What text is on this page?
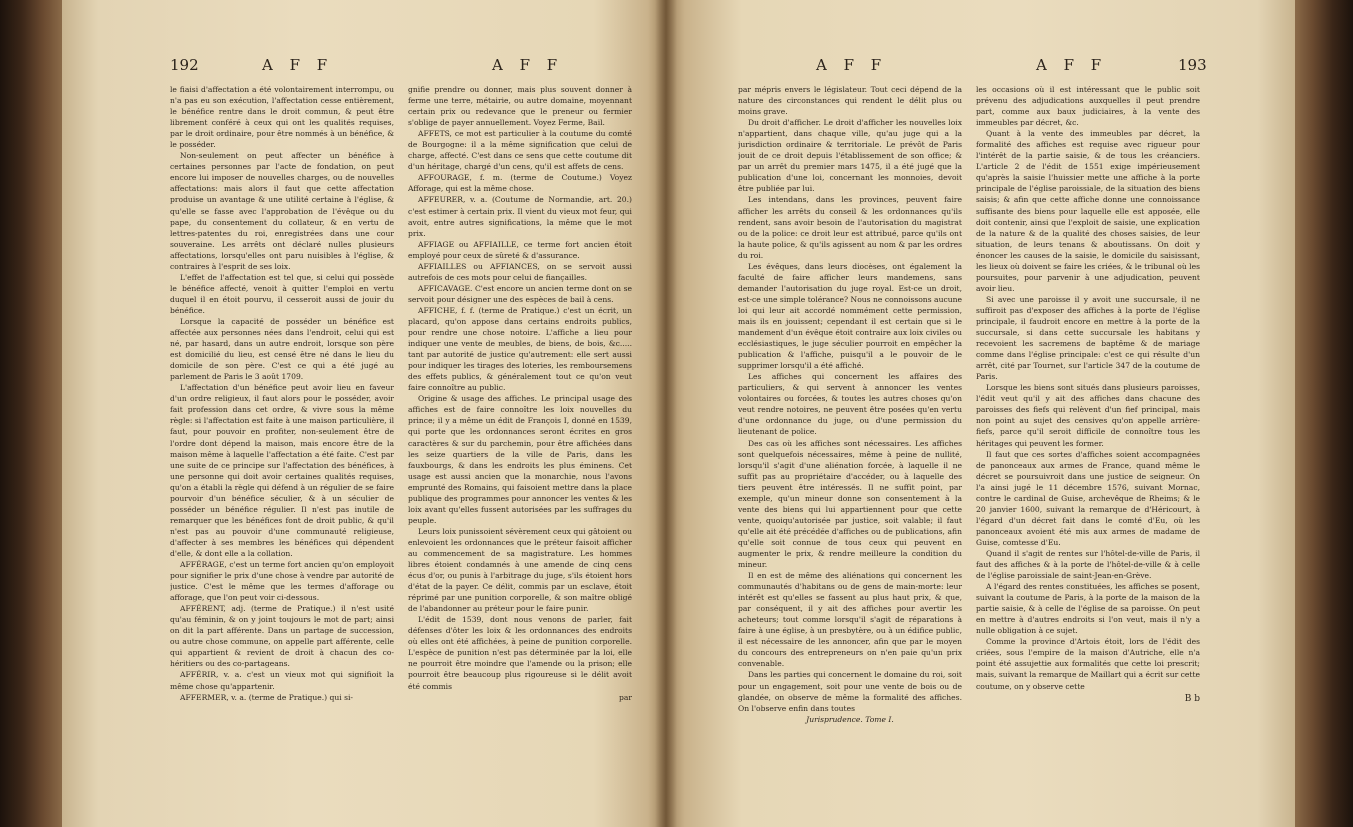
192	A F F	A F F

le fiaisi d'affectation a été volontairement interrompu, ou n'a pas eu son exécution, l'affectation cesse entièrement, le bénéfice rentre dans le droit commun, & peut être librement conféré à ceux qui ont les qualités requises, par le droit ordinaire, pour être nommés à un bénéfice, & le posséder.

Non-seulement on peut affecter un bénéfice à certaines personnes par l'acte de fondation, on peut encore lui imposer de nouvelles charges, ou de nouvelles affectations: mais alors il faut que cette affectation produise un avantage & une utilité certaine à l'église, & qu'elle se fasse avec l'approbation de l'évêque ou du pape, du consentement du collateur, & en vertu de lettres-patentes du roi, enregistrées dans une cour souveraine. Les arrêts ont déclaré nulles plusieurs affectations, lorsqu'elles ont paru nuisibles à l'église, & contraires à l'esprit de ses loix.

L'effet de l'affectation est tel que, si celui qui possède le bénéfice affecté, venoit à quitter l'emploi en vertu duquel il en étoit pourvu, il cesseroit aussi de jouir du bénéfice.

Lorsque la capacité de posséder un bénéfice est affectée aux personnes nées dans l'endroit, celui qui est né, par hasard, dans un autre endroit, lorsque son père est domicilié du lieu, est censé être né dans le lieu du domicile de son père. C'est ce qui a été jugé au parlement de Paris le 3 août 1709.

L'affectation d'un bénéfice peut avoir lieu en faveur d'un ordre religieux, il faut alors pour le posséder, avoir fait profession dans cet ordre, & vivre sous la même règle: si l'affectation est faite à une maison particulière, il faut, pour pouvoir en profiter, non-seulement être de l'ordre dont dépend la maison, mais encore être de la maison même à laquelle l'affectation a été faite. C'est par une suite de ce principe sur l'affectation des bénéfices, à une personne qui doit avoir certaines qualités requises, qu'on a établi la règle qui défend à un régulier de se faire pourvoir d'un bénéfice séculier, & à un séculier de posséder un bénéfice régulier. Il n'est pas inutile de remarquer que les bénéfices font de droit public, & qu'il n'est pas au pouvoir d'une communauté religieuse, d'affecter à ses membres les bénéfices qui dépendent d'elle, & dont elle a la collation.

AFFÉRAGE, c'est un terme fort ancien qu'on employoit pour signifier le prix d'une chose à vendre par autorité de justice. C'est le même que les termes d'afforage ou afforage, que l'on peut voir ci-dessous.

AFFÉRENT, adj. (terme de Pratique.) il n'est usité qu'au féminin, & on y joint toujours le mot de part; ainsi on dit la part afférente. Dans un partage de succession, ou autre chose commune, on appelle part afférente, celle qui appartient & revient de droit à chacun des co-héritiers ou des co-partageans.

AFFÉRIR, v. a. c'est un vieux mot qui signifioit la même chose qu'appartenir.

AFFERMER, v. a. (terme de Pratique.) qui si-

gnifie prendre ou donner, mais plus souvent donner à ferme une terre, métairie, ou autre domaine, moyennant certain prix ou redevance que le preneur ou fermier s'oblige de payer annuellement. Voyez Ferme, Bail.

AFFETS, ce mot est particulier à la coutume du comté de Bourgogne: il a la même signification que celui de charge, affecté. C'est dans ce sens que cette coutume dit d'un héritage, chargé d'un cens, qu'il est affets de cens.

AFFOURAGE, f. m. (terme de Coutume.) Voyez Afforage, qui est la même chose.

AFFEURER, v. a. (Coutume de Normandie, art. 20.) c'est estimer à certain prix. Il vient du vieux mot feur, qui avoit, entre autres significations, la même que le mot prix.

AFFIAGE ou AFFIAILLE, ce terme fort ancien étoit employé pour ceux de sûreté & d'assurance.

AFFIAILLES ou AFFIANCES, on se servoit aussi autrefois de ces mots pour celui de fiançailles.

AFFICAVAGE. C'est encore un ancien terme dont on se servoit pour désigner une des espèces de bail à cens.

AFFICHE, f. f. (terme de Pratique.) c'est un écrit, un placard, qu'on appose dans certains endroits publics, pour rendre une chose notoire. L'affiche a lieu pour indiquer une vente de meubles, de biens, de bois, &c..... tant par autorité de justice qu'autrement: elle sert aussi pour indiquer les tirages des loteries, les remboursemens des effets publics, & généralement tout ce qu'on veut faire connoître au public.

Origine & usage des affiches. Le principal usage des affiches est de faire connoître les loix nouvelles du prince; il y a même un édit de François I, donné en 1539, qui porte que les ordonnances seront écrites en gros caractères & sur du parchemin, pour être affichées dans les seize quartiers de la ville de Paris, dans les fauxbourgs, & dans les endroits les plus éminens. Cet usage est aussi ancien que la monarchie, nous l'avons emprunté des Romains, qui faisoient mettre dans la place publique des programmes pour annoncer les ventes & les loix avant qu'elles fussent autorisées par les suffrages du peuple.

Leurs loix punissoient sévèrement ceux qui gâtoient ou enlevoient les ordonnances que le préteur faisoit afficher au commencement de sa magistrature. Les hommes libres étoient condamnés à une amende de cinq cens écus d'or, ou punis à l'arbitrage du juge, s'ils étoient hors d'état de la payer. Ce délit, commis par un esclave, étoit réprimé par une punition corporelle, & son maître obligé de l'abandonner au préteur pour le faire punir.

L'édit de 1539, dont nous venons de parler, fait défenses d'ôter les loix & les ordonnances des endroits où elles ont été affichées, à peine de punition corporelle. L'espèce de punition n'est pas déterminée par la loi, elle ne pourroit être moindre que l'amende ou la prison; elle pourroit être beaucoup plus rigoureuse si le délit avoit été commis

par

A F F	A F F	193

par mépris envers le législateur. Tout ceci dépend de la nature des circonstances qui rendent le délit plus ou moins grave.

Du droit d'afficher. Le droit d'afficher les nouvelles loix n'appartient, dans chaque ville, qu'au juge qui a la jurisdiction ordinaire & territoriale. Le prévôt de Paris jouit de ce droit depuis l'établissement de son office; & par un arrêt du premier mars 1475, il a été jugé que la publication d'une loi, concernant les monnoies, devoit être publiée par lui.

Les intendans, dans les provinces, peuvent faire afficher les arrêts du conseil & les ordonnances qu'ils rendent, sans avoir besoin de l'autorisation du magistrat ou de la police: ce droit leur est attribué, parce qu'ils ont la haute police, & qu'ils agissent au nom & par les ordres du roi.

Les évêques, dans leurs diocèses, ont également la faculté de faire afficher leurs mandemens, sans demander l'autorisation du juge royal. Est-ce un droit, est-ce une simple tolérance? Nous ne connoissons aucune loi qui leur ait accordé nommément cette permission, mais ils en jouissent; cependant il est certain que si le mandement d'un évêque étoit contraire aux loix civiles ou ecclésiastiques, le juge séculier pourroit en empêcher la publication & l'affiche, puisqu'il a le pouvoir de le supprimer lorsqu'il a été affiché.

Les affiches qui concernent les affaires des particuliers, & qui servent à annoncer les ventes volontaires ou forcées, & toutes les autres choses qu'on veut rendre notoires, ne peuvent être posées qu'en vertu d'une ordonnance du juge, ou d'une permission du lieutenant de police.

Des cas où les affiches sont nécessaires. Les affiches sont quelquefois nécessaires, même à peine de nullité, lorsqu'il s'agit d'une aliénation forcée, à laquelle il ne suffit pas au propriétaire d'accéder, ou à laquelle des tiers peuvent être intéressés. Il ne suffit point, par exemple, qu'un mineur donne son consentement à la vente des biens qui lui appartiennent pour que cette vente, quoiqu'autorisée par justice, soit valable; il faut qu'elle ait été précédée d'affiches ou de publications, afin qu'elle soit connue de tous ceux qui peuvent en augmenter le prix, & rendre meilleure la condition du mineur.

Il en est de même des aliénations qui concernent les communautés d'habitans ou de gens de main-morte: leur intérêt est qu'elles se fassent au plus haut prix, & que, par conséquent, il y ait des affiches pour avertir les acheteurs; tout comme lorsqu'il s'agit de réparations à faire à une église, à un presbytère, ou à un édifice public, il est nécessaire de les annoncer, afin que par le moyen du concours des entrepreneurs on n'en paie qu'un prix convenable.

Dans les parties qui concernent le domaine du roi, soit pour un engagement, soit pour une vente de bois ou de glandée, on observe de même la formalité des affiches. On l'observe enfin dans toutes

Jurisprudence. Tome I.

les occasions où il est intéressant que le public soit prévenu des adjudications auxquelles il peut prendre part, comme aux baux judiciaires, à la vente des immeubles par décret, &c.

Quant à la vente des immeubles par décret, la formalité des affiches est requise avec rigueur pour l'intérêt de la partie saisie, & de tous les créanciers. L'article 2 de l'édit de 1551 exige impérieusement qu'après la saisie l'huissier mette une affiche à la porte principale de l'église paroissiale, de la situation des biens saisis; & afin que cette affiche donne une connoissance suffisante des biens pour laquelle elle est apposée, elle doit contenir, ainsi que l'exploit de saisie, une explication de la nature & de la qualité des choses saisies, de leur situation, de leurs tenans & aboutissans. On doit y énoncer les causes de la saisie, le domicile du saisissant, les lieux où doivent se faire les criées, & le tribunal où les poursuites, pour parvenir à une adjudication, peuvent avoir lieu.

Si avec une paroisse il y avoit une succursale, il ne suffiroit pas d'exposer des affiches à la porte de l'église principale, il faudroit encore en mettre à la porte de la succursale, si dans cette succursale les habitans y recevoient les sacremens de baptême & de mariage comme dans l'église principale: c'est ce qui résulte d'un arrêt, cité par Tournet, sur l'article 347 de la coutume de Paris.

Lorsque les biens sont situés dans plusieurs paroisses, l'édit veut qu'il y ait des affiches dans chacune des paroisses des fiefs qui relèvent d'un fief principal, mais non point au sujet des censives qu'on appelle arrière-fiefs, parce qu'il seroit difficile de connoître tous les héritages qui peuvent les former.

Il faut que ces sortes d'affiches soient accompagnées de panonceaux aux armes de France, quand même le décret se poursuivroit dans une justice de seigneur. On l'a ainsi jugé le 11 décembre 1576, suivant Mornac, contre le cardinal de Guise, archevêque de Rheims; & le 20 janvier 1600, suivant la remarque de d'Héricourt, à l'égard d'un décret fait dans le comté d'Eu, où les panonceaux avoient été mis aux armes de madame de Guise, comtesse d'Eu.

Quand il s'agit de rentes sur l'hôtel-de-ville de Paris, il faut des affiches & à la porte de l'hôtel-de-ville & à celle de l'église paroissiale de saint-Jean-en-Grève.

A l'égard des rentes constituées, les affiches se posent, suivant la coutume de Paris, à la porte de la maison de la partie saisie, & à celle de l'église de sa paroisse. On peut en mettre à d'autres endroits si l'on veut, mais il n'y a nulle obligation à ce sujet.

Comme la province d'Artois étoit, lors de l'édit des criées, sous l'empire de la maison d'Autriche, elle n'a point été assujettie aux formalités que cette loi prescrit; mais, suivant la remarque de Maillart qui a écrit sur cette coutume, on y observe cette

B b
